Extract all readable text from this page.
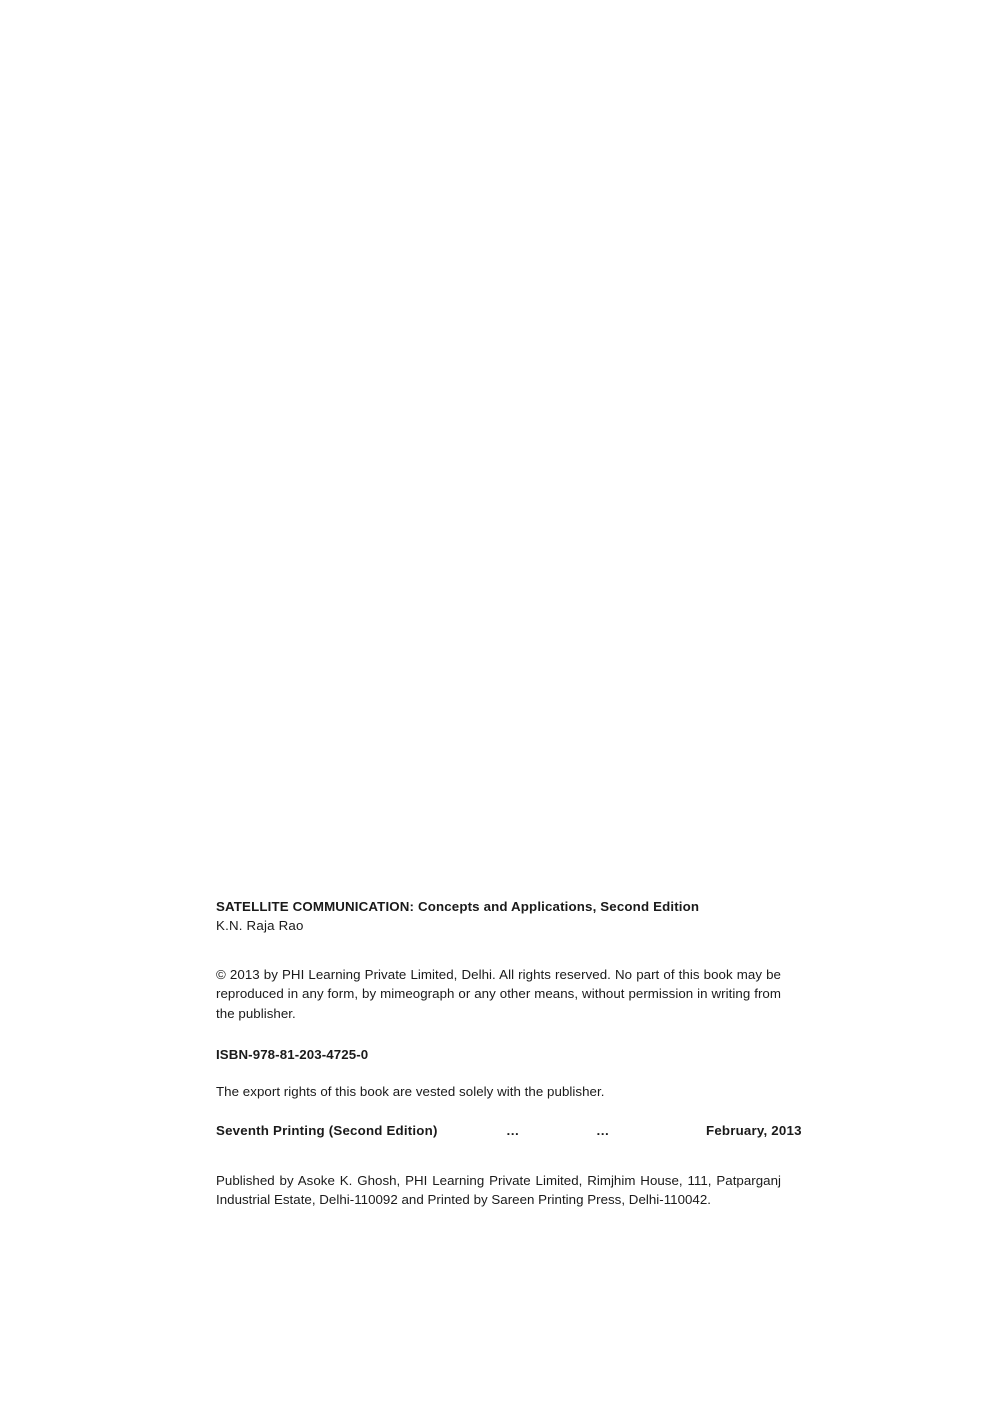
SATELLITE COMMUNICATION: Concepts and Applications, Second Edition

K.N. Raja Rao

© 2013 by PHI Learning Private Limited, Delhi. All rights reserved. No part of this book may be reproduced in any form, by mimeograph or any other means, without permission in writing from the publisher.

ISBN-978-81-203-4725-0

The export rights of this book are vested solely with the publisher.

Seventh Printing (Second Edition)	…	…	February, 2013

Published by Asoke K. Ghosh, PHI Learning Private Limited, Rimjhim House, 111, Patparganj Industrial Estate, Delhi-110092 and Printed by Sareen Printing Press, Delhi-110042.
